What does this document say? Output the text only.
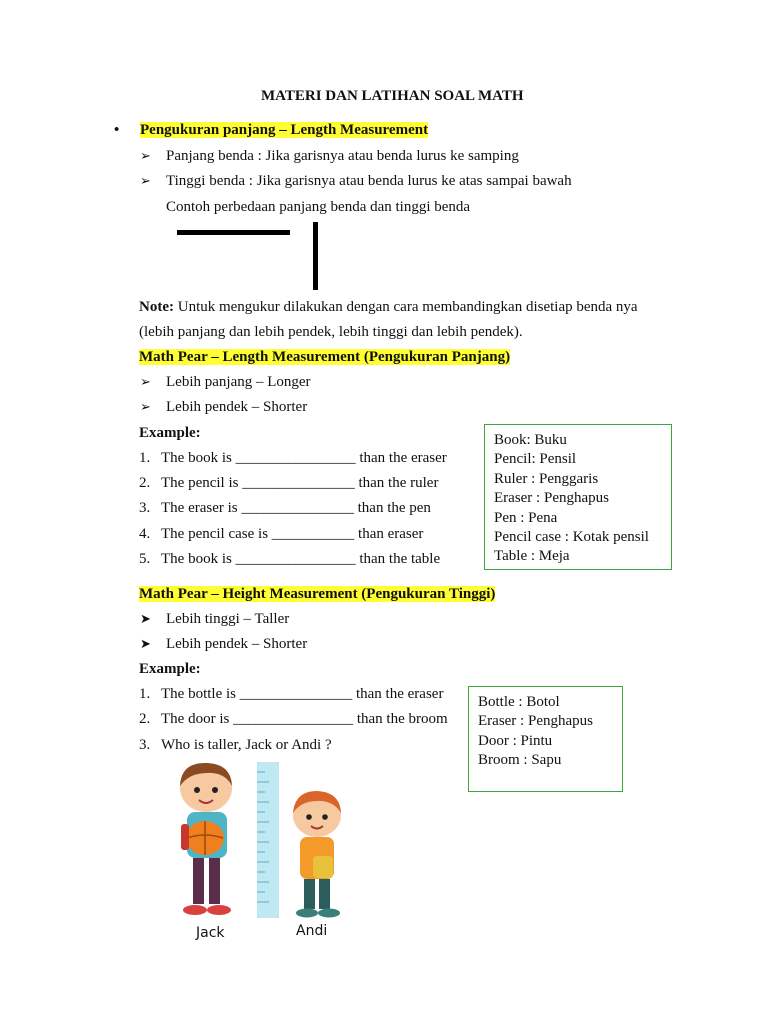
MATERI DAN LATIHAN SOAL MATH
• Pengukuran panjang – Length Measurement
➢ Panjang benda : Jika garisnya atau benda lurus ke samping
➢ Tinggi benda : Jika garisnya atau benda lurus ke atas sampai bawah
Contoh perbedaan panjang benda dan tinggi benda
Note: Untuk mengukur dilakukan dengan cara membandingkan disetiap benda nya
(lebih panjang dan lebih pendek, lebih tinggi dan lebih pendek).
Math Pear – Length Measurement (Pengukuran Panjang)
➢ Lebih panjang – Longer
➢ Lebih pendek – Shorter
Example:
1. The book is ________________ than the eraser
2. The pencil is _______________ than the ruler
3. The eraser is _______________ than the pen
4. The pencil case is ___________ than eraser
5. The book is ________________ than the table
Book: Buku
Pencil: Pensil
Ruler : Penggaris
Eraser : Penghapus
Pen : Pena
Pencil case : Kotak pensil
Table : Meja
Math Pear – Height Measurement (Pengukuran Tinggi)
➤ Lebih tinggi – Taller
➤ Lebih pendek – Shorter
Example:
1. The bottle is _______________ than the eraser
2. The door is ________________ than the broom
3. Who is taller, Jack or Andi ?
Bottle : Botol
Eraser : Penghapus
Door : Pintu
Broom : Sapu
Jack	Andi
